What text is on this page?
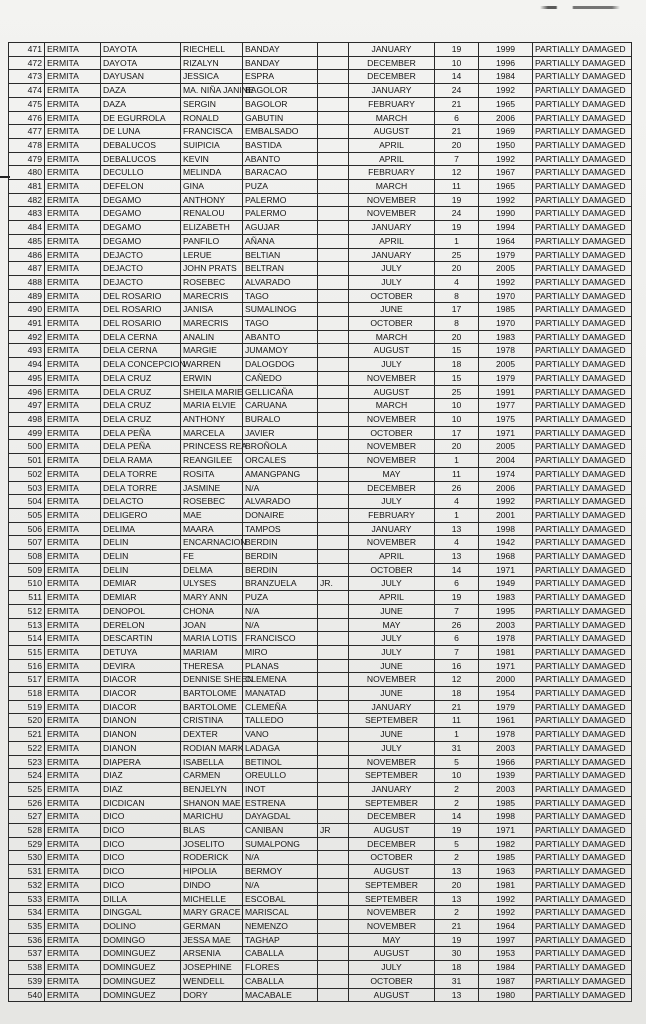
471	ERMITA	DAYOTA	RIECHELL	BANDAY		JANUARY	19	1999	PARTIALLY DAMAGED
472	ERMITA	DAYOTA	RIZALYN	BANDAY		DECEMBER	10	1996	PARTIALLY DAMAGED
473	ERMITA	DAYUSAN	JESSICA	ESPRA		DECEMBER	14	1984	PARTIALLY DAMAGED
474	ERMITA	DAZA	MA. NIÑA JANINE	BAGOLOR		JANUARY	24	1992	PARTIALLY DAMAGED
475	ERMITA	DAZA	SERGIN	BAGOLOR		FEBRUARY	21	1965	PARTIALLY DAMAGED
476	ERMITA	DE EGURROLA	RONALD	GABUTIN		MARCH	6	2006	PARTIALLY DAMAGED
477	ERMITA	DE LUNA	FRANCISCA	EMBALSADO		AUGUST	21	1969	PARTIALLY DAMAGED
478	ERMITA	DEBALUCOS	SUIPICIA	BASTIDA		APRIL	20	1950	PARTIALLY DAMAGED
479	ERMITA	DEBALUCOS	KEVIN	ABANTO		APRIL	7	1992	PARTIALLY DAMAGED
480	ERMITA	DECULLO	MELINDA	BARACAO		FEBRUARY	12	1967	PARTIALLY DAMAGED
481	ERMITA	DEFELON	GINA	PUZA		MARCH	11	1965	PARTIALLY DAMAGED
482	ERMITA	DEGAMO	ANTHONY	PALERMO		NOVEMBER	19	1992	PARTIALLY DAMAGED
483	ERMITA	DEGAMO	RENALOU	PALERMO		NOVEMBER	24	1990	PARTIALLY DAMAGED
484	ERMITA	DEGAMO	ELIZABETH	AGUJAR		JANUARY	19	1994	PARTIALLY DAMAGED
485	ERMITA	DEGAMO	PANFILO	AÑANA		APRIL	1	1964	PARTIALLY DAMAGED
486	ERMITA	DEJACTO	LERUE	BELTIAN		JANUARY	25	1979	PARTIALLY DAMAGED
487	ERMITA	DEJACTO	JOHN PRATS	BELTRAN		JULY	20	2005	PARTIALLY DAMAGED
488	ERMITA	DEJACTO	ROSEBEC	ALVARADO		JULY	4	1992	PARTIALLY DAMAGED
489	ERMITA	DEL ROSARIO	MARECRIS	TAGO		OCTOBER	8	1970	PARTIALLY DAMAGED
490	ERMITA	DEL ROSARIO	JANISA	SUMALINOG		JUNE	17	1985	PARTIALLY DAMAGED
491	ERMITA	DEL ROSARIO	MARECRIS	TAGO		OCTOBER	8	1970	PARTIALLY DAMAGED
492	ERMITA	DELA CERNA	ANALIN	ABANTO		MARCH	20	1983	PARTIALLY DAMAGED
493	ERMITA	DELA CERNA	MARGIE	JUMAMOY		AUGUST	15	1978	PARTIALLY DAMAGED
494	ERMITA	DELA CONCEPCION	WARREN	DALOGDOG		JULY	18	2005	PARTIALLY DAMAGED
495	ERMITA	DELA CRUZ	ERWIN	CAÑEDO		NOVEMBER	15	1979	PARTIALLY DAMAGED
496	ERMITA	DELA CRUZ	SHEILA MARIE	GELLICAÑA		AUGUST	25	1991	PARTIALLY DAMAGED
497	ERMITA	DELA CRUZ	MARIA ELVIE	CARUANA		MARCH	10	1977	PARTIALLY DAMAGED
498	ERMITA	DELA CRUZ	ANTHONY	BURALO		NOVEMBER	10	1975	PARTIALLY DAMAGED
499	ERMITA	DELA PEÑA	MARCELA	JAVIER		OCTOBER	17	1971	PARTIALLY DAMAGED
500	ERMITA	DELA PEÑA	PRINCESS REA	BROÑOLA		NOVEMBER	20	2005	PARTIALLY DAMAGED
501	ERMITA	DELA RAMA	REANGILEE	ORCALES		NOVEMBER	1	2004	PARTIALLY DAMAGED
502	ERMITA	DELA TORRE	ROSITA	AMANGPANG		MAY	11	1974	PARTIALLY DAMAGED
503	ERMITA	DELA TORRE	JASMINE	N/A		DECEMBER	26	2006	PARTIALLY DAMAGED
504	ERMITA	DELACTO	ROSEBEC	ALVARADO		JULY	4	1992	PARTIALLY DAMAGED
505	ERMITA	DELIGERO	MAE	DONAIRE		FEBRUARY	1	2001	PARTIALLY DAMAGED
506	ERMITA	DELIMA	MAARA	TAMPOS		JANUARY	13	1998	PARTIALLY DAMAGED
507	ERMITA	DELIN	ENCARNACION	BERDIN		NOVEMBER	4	1942	PARTIALLY DAMAGED
508	ERMITA	DELIN	FE	BERDIN		APRIL	13	1968	PARTIALLY DAMAGED
509	ERMITA	DELIN	DELMA	BERDIN		OCTOBER	14	1971	PARTIALLY DAMAGED
510	ERMITA	DEMIAR	ULYSES	BRANZUELA	JR.	JULY	6	1949	PARTIALLY DAMAGED
511	ERMITA	DEMIAR	MARY ANN	PUZA		APRIL	19	1983	PARTIALLY DAMAGED
512	ERMITA	DENOPOL	CHONA	N/A		JUNE	7	1995	PARTIALLY DAMAGED
513	ERMITA	DERELON	JOAN	N/A		MAY	26	2003	PARTIALLY DAMAGED
514	ERMITA	DESCARTIN	MARIA LOTIS	FRANCISCO		JULY	6	1978	PARTIALLY DAMAGED
515	ERMITA	DETUYA	MARIAM	MIRO		JULY	7	1981	PARTIALLY DAMAGED
516	ERMITA	DEVIRA	THERESA	PLANAS		JUNE	16	1971	PARTIALLY DAMAGED
517	ERMITA	DIACOR	DENNISE SHEEN	CLEMENA		NOVEMBER	12	2000	PARTIALLY DAMAGED
518	ERMITA	DIACOR	BARTOLOME	MANATAD		JUNE	18	1954	PARTIALLY DAMAGED
519	ERMITA	DIACOR	BARTOLOME	CLEMEÑA		JANUARY	21	1979	PARTIALLY DAMAGED
520	ERMITA	DIANON	CRISTINA	TALLEDO		SEPTEMBER	11	1961	PARTIALLY DAMAGED
521	ERMITA	DIANON	DEXTER	VANO		JUNE	1	1978	PARTIALLY DAMAGED
522	ERMITA	DIANON	RODIAN MARK	LADAGA		JULY	31	2003	PARTIALLY DAMAGED
523	ERMITA	DIAPERA	ISABELLA	BETINOL		NOVEMBER	5	1966	PARTIALLY DAMAGED
524	ERMITA	DIAZ	CARMEN	OREULLO		SEPTEMBER	10	1939	PARTIALLY DAMAGED
525	ERMITA	DIAZ	BENJELYN	INOT		JANUARY	2	2003	PARTIALLY DAMAGED
526	ERMITA	DICDICAN	SHANON MAE	ESTRENA		SEPTEMBER	2	1985	PARTIALLY DAMAGED
527	ERMITA	DICO	MARICHU	DAYAGDAL		DECEMBER	14	1998	PARTIALLY DAMAGED
528	ERMITA	DICO	BLAS	CANIBAN	JR	AUGUST	19	1971	PARTIALLY DAMAGED
529	ERMITA	DICO	JOSELITO	SUMALPONG		DECEMBER	5	1982	PARTIALLY DAMAGED
530	ERMITA	DICO	RODERICK	N/A		OCTOBER	2	1985	PARTIALLY DAMAGED
531	ERMITA	DICO	HIPOLIA	BERMOY		AUGUST	13	1963	PARTIALLY DAMAGED
532	ERMITA	DICO	DINDO	N/A		SEPTEMBER	20	1981	PARTIALLY DAMAGED
533	ERMITA	DILLA	MICHELLE	ESCOBAL		SEPTEMBER	13	1992	PARTIALLY DAMAGED
534	ERMITA	DINGGAL	MARY GRACE	MARISCAL		NOVEMBER	2	1992	PARTIALLY DAMAGED
535	ERMITA	DOLINO	GERMAN	NEMENZO		NOVEMBER	21	1964	PARTIALLY DAMAGED
536	ERMITA	DOMINGO	JESSA MAE	TAGHAP		MAY	19	1997	PARTIALLY DAMAGED
537	ERMITA	DOMINGUEZ	ARSENIA	CABALLA		AUGUST	30	1953	PARTIALLY DAMAGED
538	ERMITA	DOMINGUEZ	JOSEPHINE	FLORES		JULY	18	1984	PARTIALLY DAMAGED
539	ERMITA	DOMINGUEZ	WENDELL	CABALLA		OCTOBER	31	1987	PARTIALLY DAMAGED
540	ERMITA	DOMINGUEZ	DORY	MACABALE		AUGUST	13	1980	PARTIALLY DAMAGED
